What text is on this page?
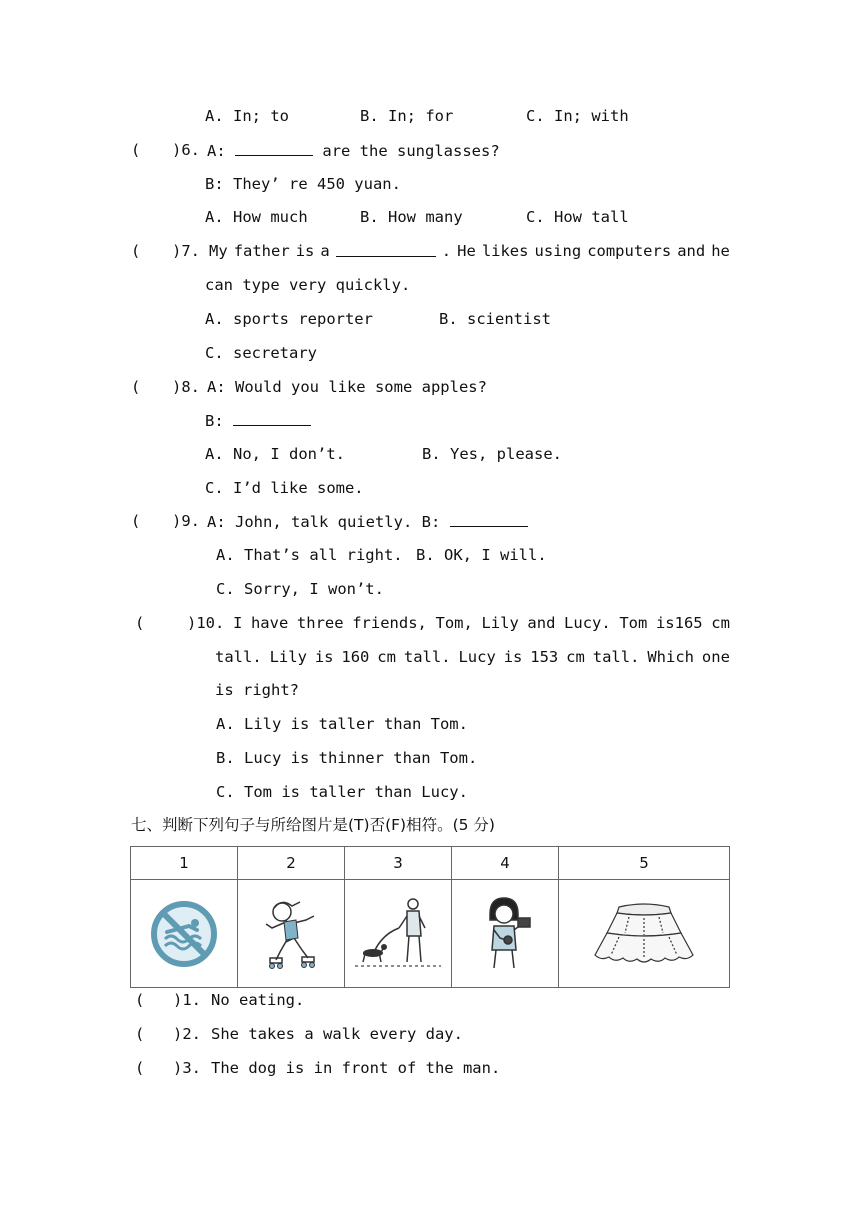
A. In; to	B. In; for	C. In; with
( )6. A:	are the sunglasses?
B: They’ re 450 yuan.
A. How much	B. How many	C. How tall
( )7. My father is a	. He likes using computers and he
can type very quickly.
A. sports reporter	B. scientist
C. secretary
( )8. A: Would you like some apples?
B:
A. No, I don’t.	B. Yes, please.
C. I’d like some.
( )9. A: John, talk quietly. B:
A. That’s all right. B. OK, I will.
C. Sorry, I won’t.
(	)10. I have three friends, Tom, Lily and Lucy. Tom is165 cm
tall. Lily is 160 cm tall. Lucy is 153 cm tall. Which one
is right?
A. Lily is taller than Tom.
B. Lucy is thinner than Tom.
C. Tom is taller than Lucy.
七、判断下列句子与所给图片是(T)否(F)相符。(5 分)
1	2	3	4	5

( )1. No eating.
( )2. She takes a walk every day.
( )3. The dog is in front of the man.
